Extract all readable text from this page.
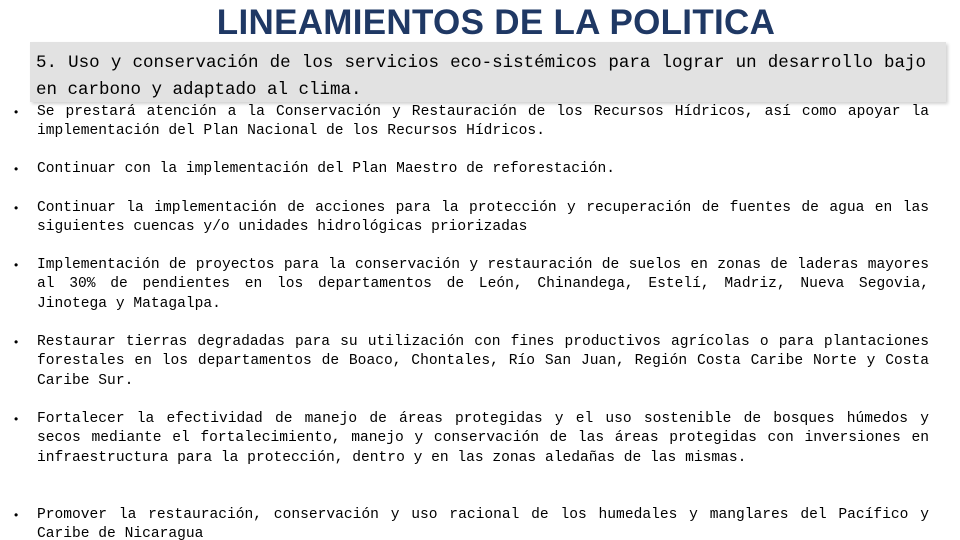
LINEAMIENTOS DE LA POLITICA
• Se prestará atención a la Conservación y Restauración de los Recursos Hídricos, así como apoyar la implementación del Plan Nacional de los Recursos Hídricos.
• Continuar con la implementación del Plan Maestro de reforestación.
• Continuar la implementación de acciones para la protección y recuperación de fuentes de agua en las siguientes cuencas y/o unidades hidrológicas priorizadas
• Implementación de proyectos para la conservación y restauración de suelos en zonas de laderas mayores al 30% de pendientes en los departamentos de León, Chinandega, Estelí, Madriz, Nueva Segovia, Jinotega y Matagalpa.
• Restaurar tierras degradadas para su utilización con fines productivos agrícolas o para plantaciones forestales en los departamentos de Boaco, Chontales, Río San Juan, Región Costa Caribe Norte y Costa Caribe Sur.
• Fortalecer la efectividad de manejo de áreas protegidas y el uso sostenible de bosques húmedos y secos mediante el fortalecimiento, manejo y conservación de las áreas protegidas con inversiones en infraestructura para la protección, dentro y en las zonas aledañas de las mismas.
• Promover la restauración, conservación y uso racional de los humedales y manglares del Pacífico y Caribe de Nicaragua

5. Uso y conservación de los servicios eco-sistémicos para lograr un desarrollo bajo en carbono y adaptado al clima.
